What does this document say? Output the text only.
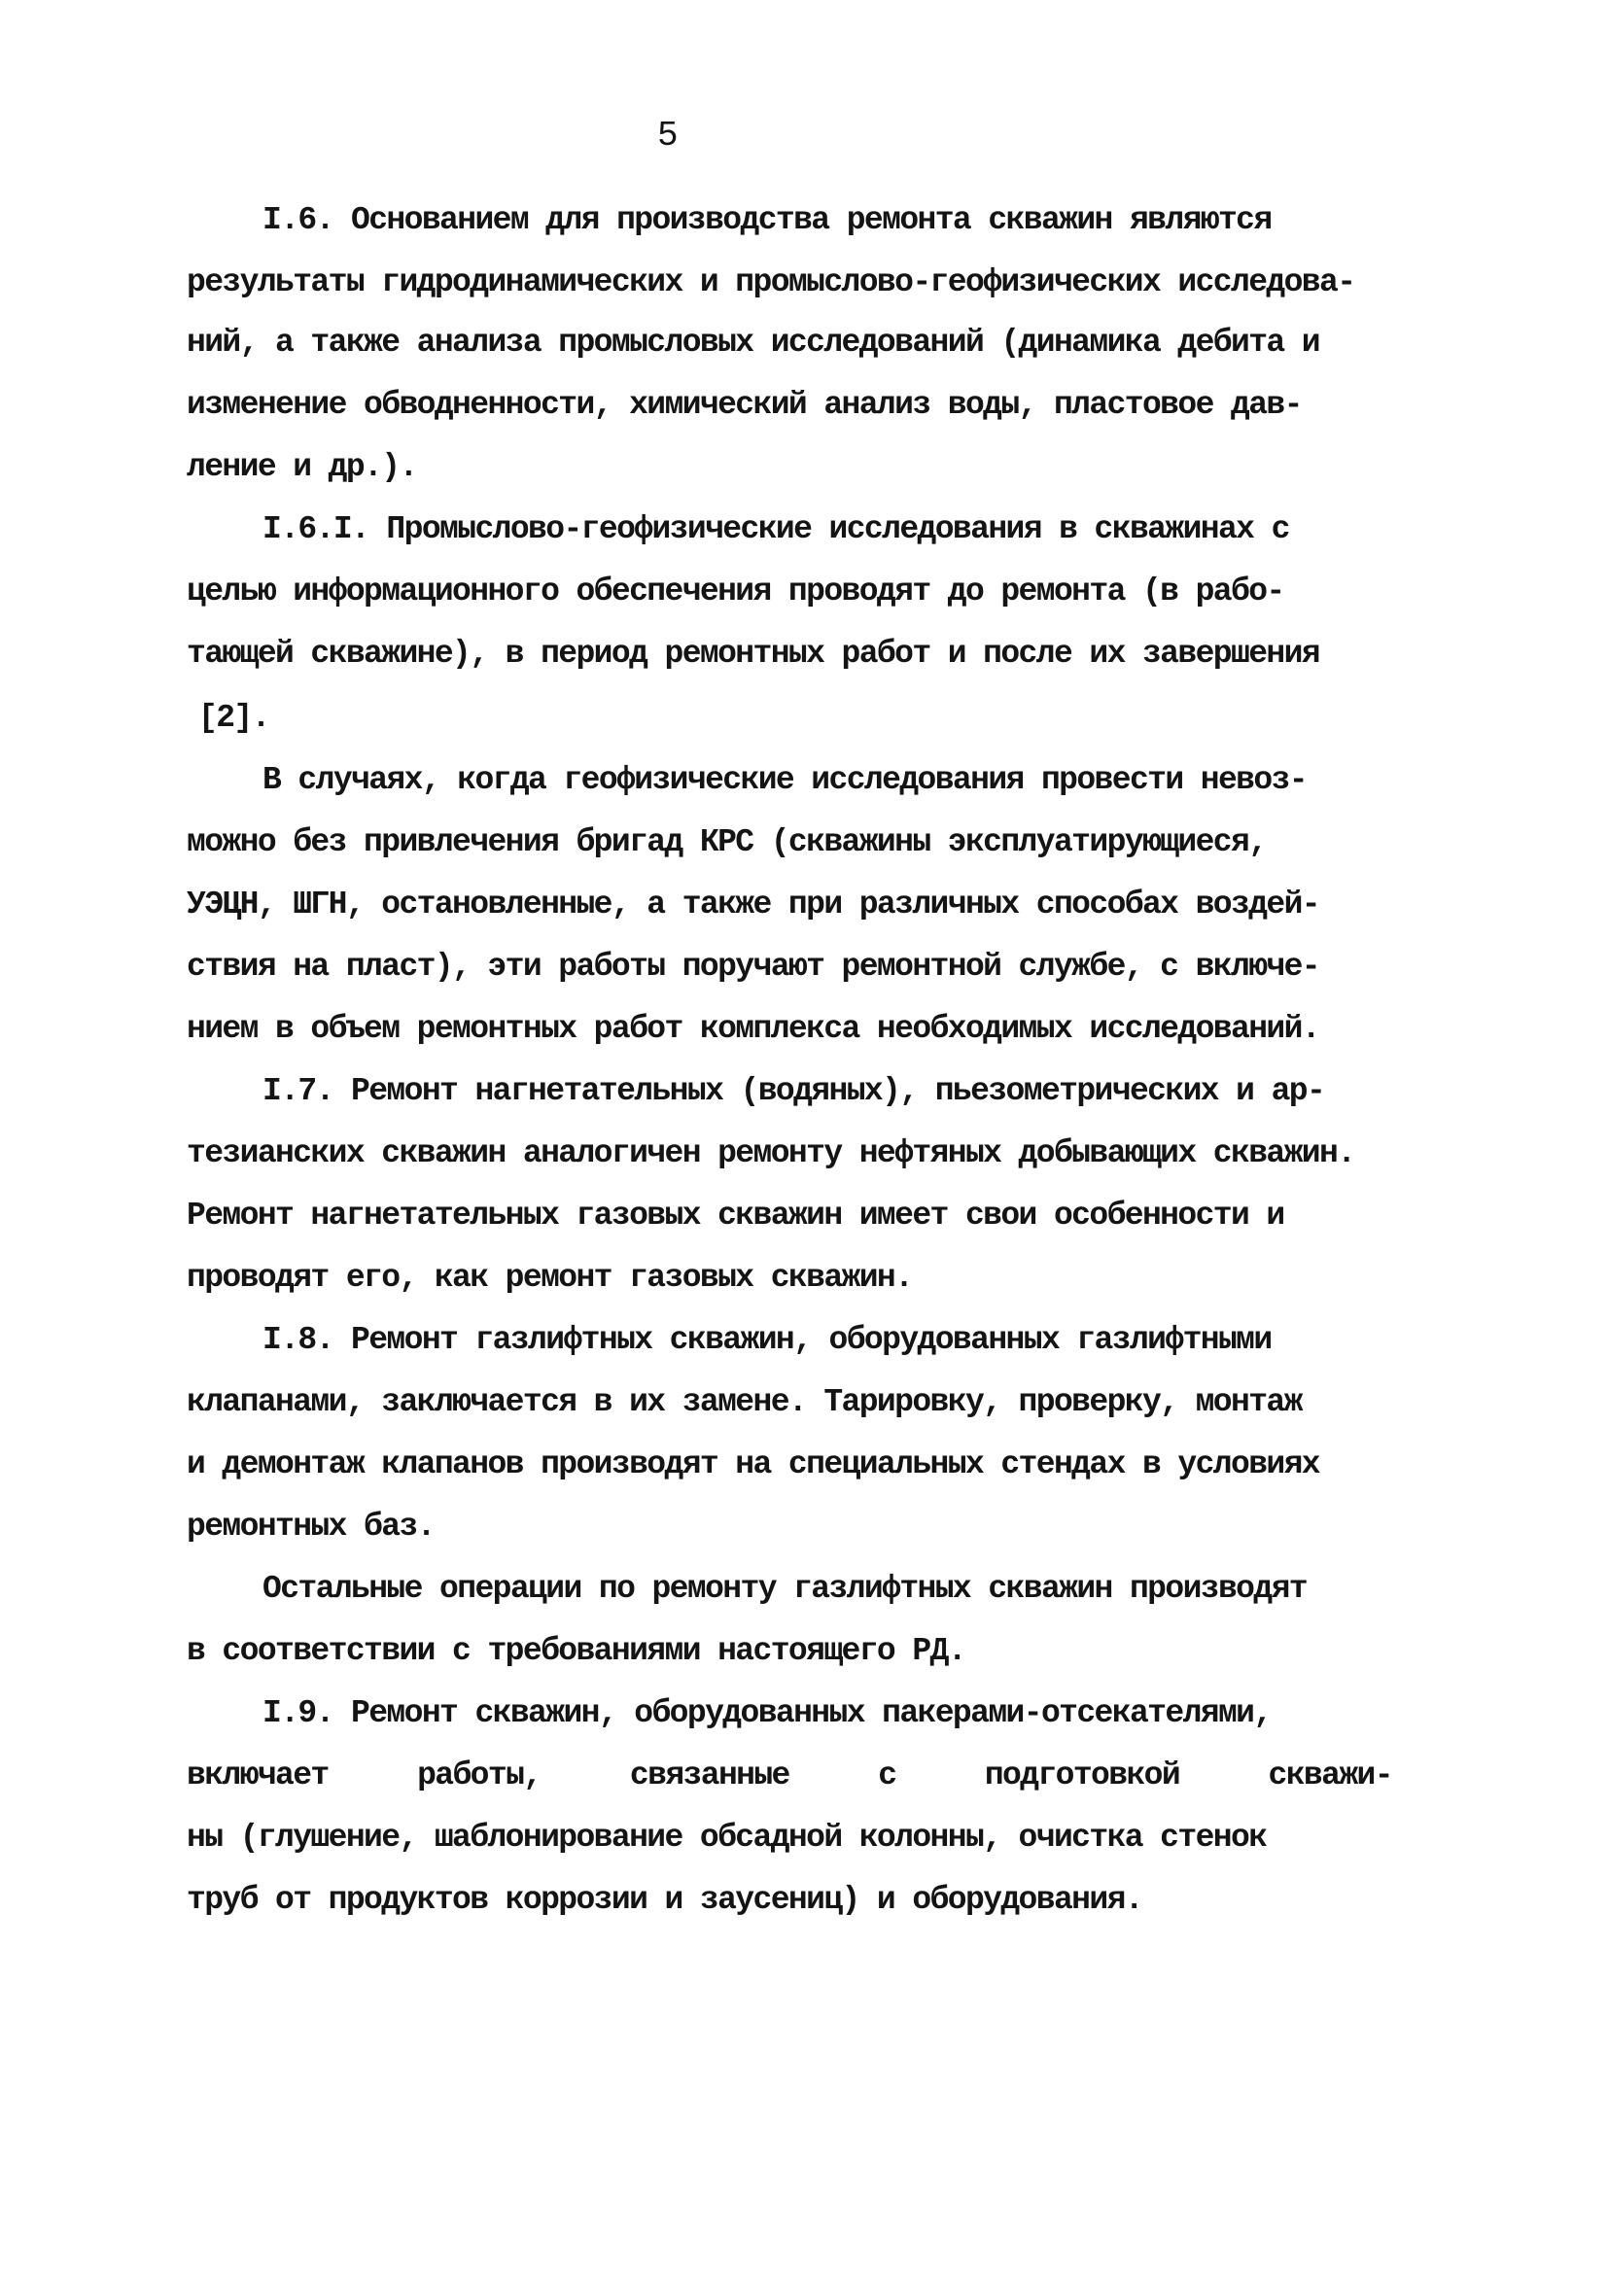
5
I.6. Основанием для производства ремонта скважин являются
результаты гидродинамических и промыслово-геофизических исследова-
ний, а также анализа промысловых исследований (динамика дебита и
изменение обводненности, химический анализ воды, пластовое дав-
ление и др.).
I.6.I. Промыслово-геофизические исследования в скважинах с
целью информационного обеспечения проводят до ремонта (в рабо-
тающей скважине), в период ремонтных работ и после их завершения
[2].
В случаях, когда геофизические исследования провести невоз-
можно без привлечения бригад КРС (скважины эксплуатирующиеся,
УЭЦН, ШГН, остановленные, а также при различных способах воздей-
ствия на пласт), эти работы поручают ремонтной службе, с включе-
нием в объем ремонтных работ комплекса необходимых исследований.
I.7. Ремонт нагнетательных (водяных), пьезометрических и ар-
тезианских скважин аналогичен ремонту нефтяных добывающих скважин.
Ремонт нагнетательных газовых скважин имеет свои особенности и
проводят его, как ремонт газовых скважин.
I.8. Ремонт газлифтных скважин, оборудованных газлифтными
клапанами, заключается в их замене. Тарировку, проверку, монтаж
и демонтаж клапанов производят на специальных стендах в условиях
ремонтных баз.
Остальные операции по ремонту газлифтных скважин производят
в соответствии с требованиями настоящего РД.
I.9. Ремонт скважин, оборудованных пакерами-отсекателями,
включает	работы,	связанные	с	подготовкой	скважи-
ны (глушение, шаблонирование обсадной колонны, очистка стенок
труб от продуктов коррозии и заусениц) и оборудования.
